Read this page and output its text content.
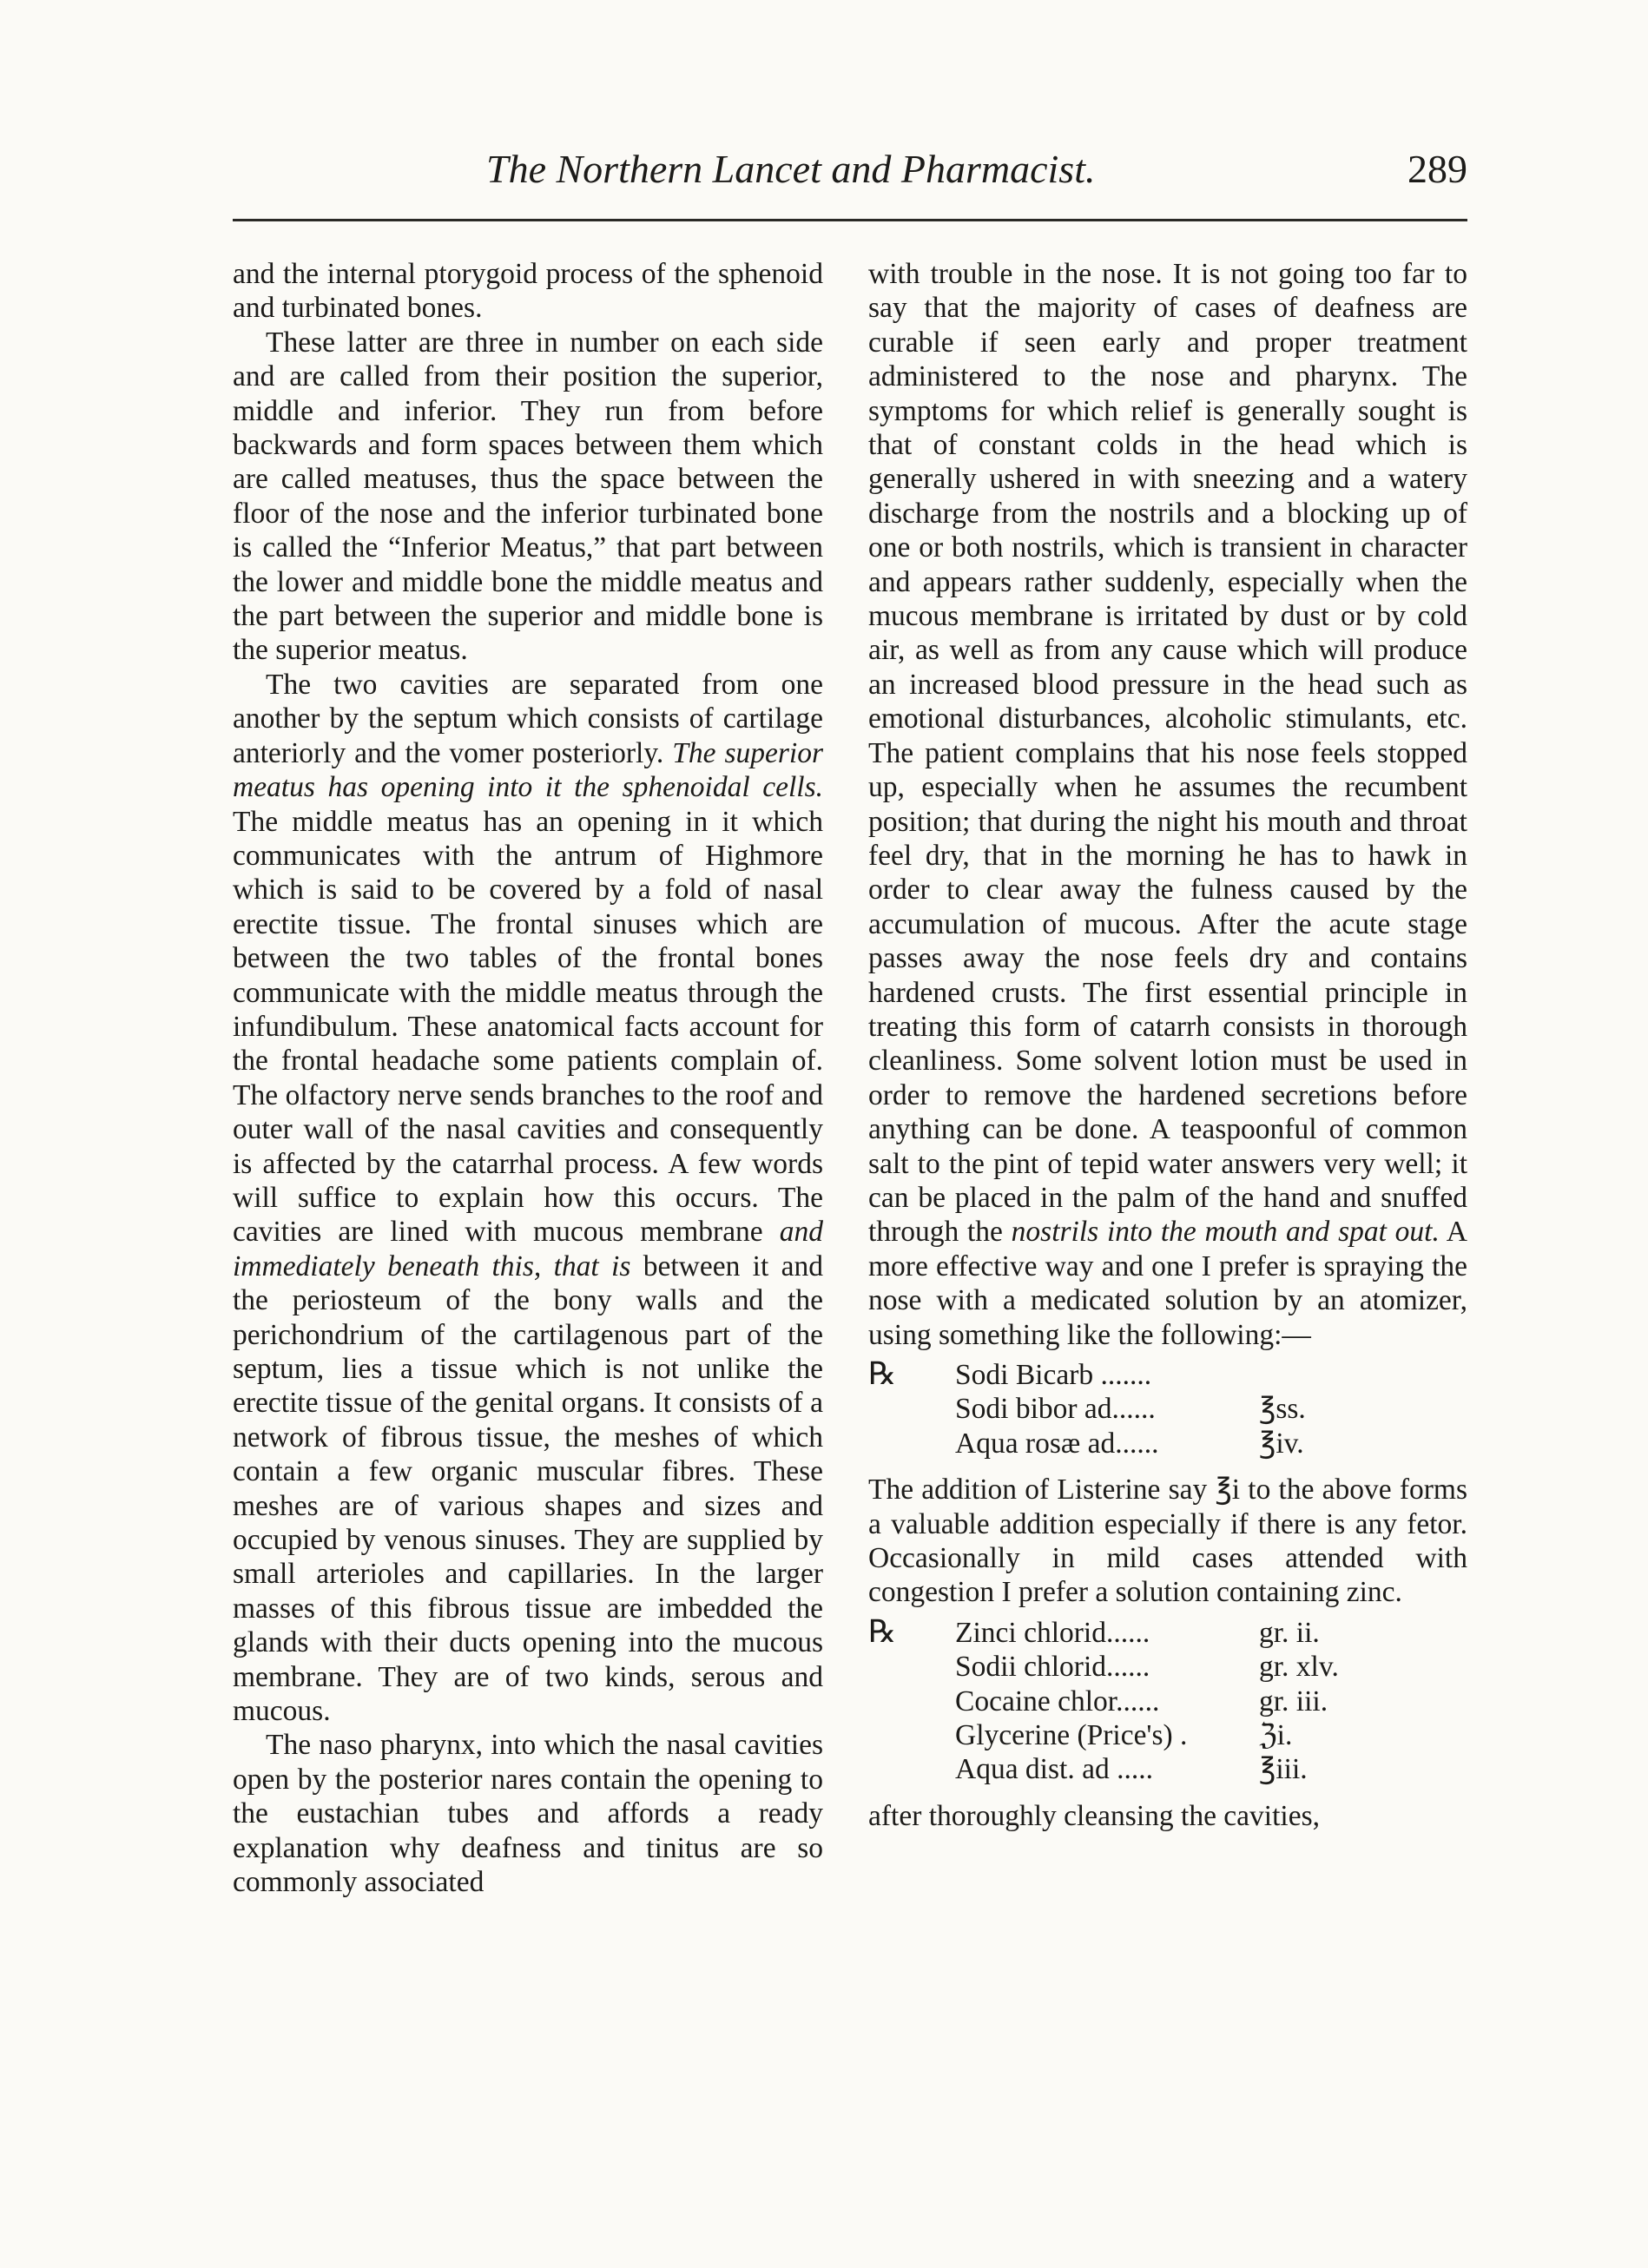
The Northern Lancet and Pharmacist.	289

and the internal ptorygoid process of the sphenoid and turbinated bones.

These latter are three in number on each side and are called from their position the superior, middle and inferior. They run from before backwards and form spaces between them which are called meatuses, thus the space between the floor of the nose and the inferior turbinated bone is called the “Inferior Meatus,” that part between the lower and middle bone the middle meatus and the part between the superior and middle bone is the superior meatus.

The two cavities are separated from one another by the septum which consists of cartilage anteriorly and the vomer posteriorly. The superior meatus has opening into it the sphenoidal cells. The middle meatus has an opening in it which communicates with the antrum of Highmore which is said to be covered by a fold of nasal erectite tissue. The frontal sinuses which are between the two tables of the frontal bones communicate with the middle meatus through the infundibulum. These anatomical facts account for the frontal headache some patients complain of. The olfactory nerve sends branches to the roof and outer wall of the nasal cavities and consequently is affected by the catarrhal process. A few words will suffice to explain how this occurs. The cavities are lined with mucous membrane and immediately beneath this, that is between it and the periosteum of the bony walls and the perichondrium of the cartilagenous part of the septum, lies a tissue which is not unlike the erectite tissue of the genital organs. It consists of a network of fibrous tissue, the meshes of which contain a few organic muscular fibres. These meshes are of various shapes and sizes and occupied by venous sinuses. They are supplied by small arterioles and capillaries. In the larger masses of this fibrous tissue are imbedded the glands with their ducts opening into the mucous membrane. They are of two kinds, serous and mucous.

The naso pharynx, into which the nasal cavities open by the posterior nares contain the opening to the eustachian tubes and affords a ready explanation why deafness and tinitus are so commonly associated

with trouble in the nose. It is not going too far to say that the majority of cases of deafness are curable if seen early and proper treatment administered to the nose and pharynx. The symptoms for which relief is generally sought is that of constant colds in the head which is generally ushered in with sneezing and a watery discharge from the nostrils and a blocking up of one or both nostrils, which is transient in character and appears rather suddenly, especially when the mucous membrane is irritated by dust or by cold air, as well as from any cause which will produce an increased blood pressure in the head such as emotional disturbances, alcoholic stimulants, etc. The patient complains that his nose feels stopped up, especially when he assumes the recumbent position; that during the night his mouth and throat feel dry, that in the morning he has to hawk in order to clear away the fulness caused by the accumulation of mucous. After the acute stage passes away the nose feels dry and contains hardened crusts. The first essential principle in treating this form of catarrh consists in thorough cleanliness. Some solvent lotion must be used in order to remove the hardened secretions before anything can be done. A teaspoonful of common salt to the pint of tepid water answers very well; it can be placed in the palm of the hand and snuffed through the nostrils into the mouth and spat out. A more effective way and one I prefer is spraying the nose with a medicated solution by an atomizer, using something like the following:—

℞	Sodi Bicarb .......
Sodi bibor ad......	℥ss.
Aqua rosæ ad......	℥iv.

The addition of Listerine say ℥i to the above forms a valuable addition especially if there is any fetor. Occasionally in mild cases attended with congestion I prefer a solution containing zinc.

℞	Zinci chlorid......	gr. ii.
Sodii chlorid......	gr. xlv.
Cocaine chlor......	gr. iii.
Glycerine (Price's) .	ℨi.
Aqua dist. ad .....	℥iii.

after thoroughly cleansing the cavities,
